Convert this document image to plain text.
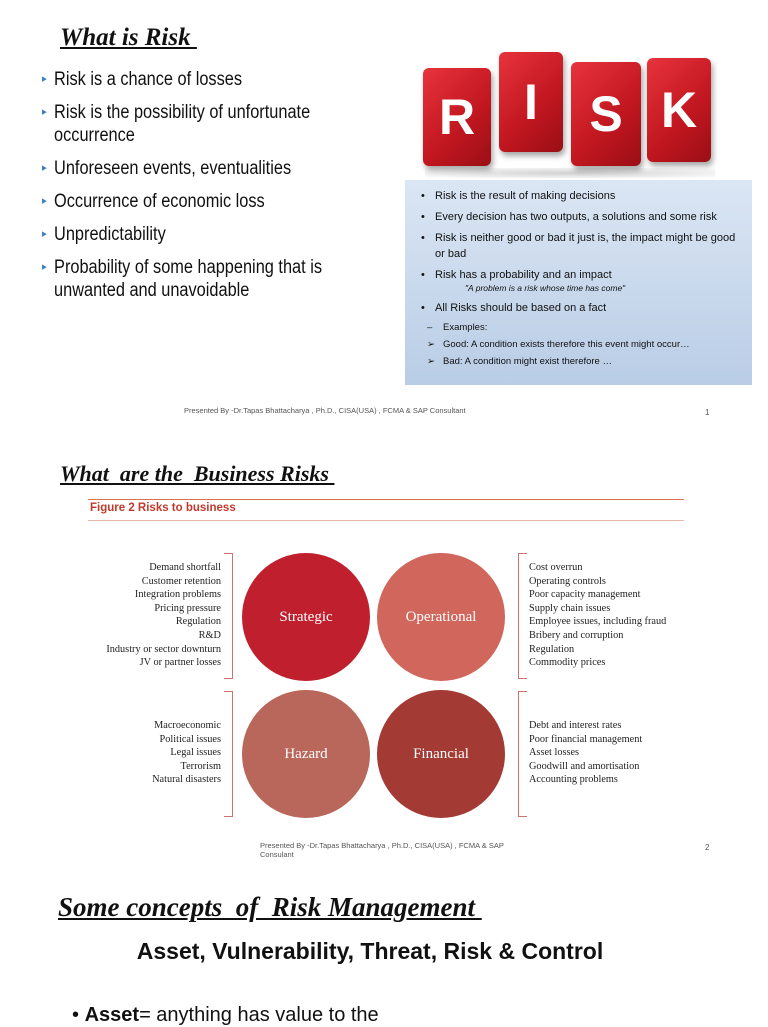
What is Risk
▸ Risk is a chance of losses
▸ Risk is the possibility of unfortunate occurrence
▸ Unforeseen events, eventualities
▸ Occurrence of economic loss
▸ Unpredictability
▸ Probability of some happening that is unwanted and unavoidable
R I S K
• Risk is the result of making decisions
• Every decision has two outputs, a solutions and some risk
• Risk is neither good or bad it just is, the impact might be good or bad
• Risk has a probability and an impact
"A problem is a risk whose time has come"
• All Risks should be based on a fact
– Examples:
➢ Good: A condition exists therefore this event might occur…
➢ Bad: A condition might exist therefore …
Presented By -Dr.Tapas Bhattacharya , Ph.D., CISA(USA) , FCMA & SAP Consultant	1
What  are the  Business Risks
Figure 2 Risks to business
Demand shortfall
Customer retention
Integration problems
Pricing pressure
Regulation
R&D
Industry or sector downturn
JV or partner losses
Strategic	Operational
Hazard	Financial
Cost overrun
Operating controls
Poor capacity management
Supply chain issues
Employee issues, including fraud
Bribery and corruption
Regulation
Commodity prices
Macroeconomic
Political issues
Legal issues
Terrorism
Natural disasters
Debt and interest rates
Poor financial management
Asset losses
Goodwill and amortisation
Accounting problems
Presented By -Dr.Tapas Bhattacharya , Ph.D., CISA(USA) , FCMA & SAP Consulant
2
Some concepts  of  Risk Management
Asset, Vulnerability, Threat, Risk & Control
• Asset= anything has value to the
